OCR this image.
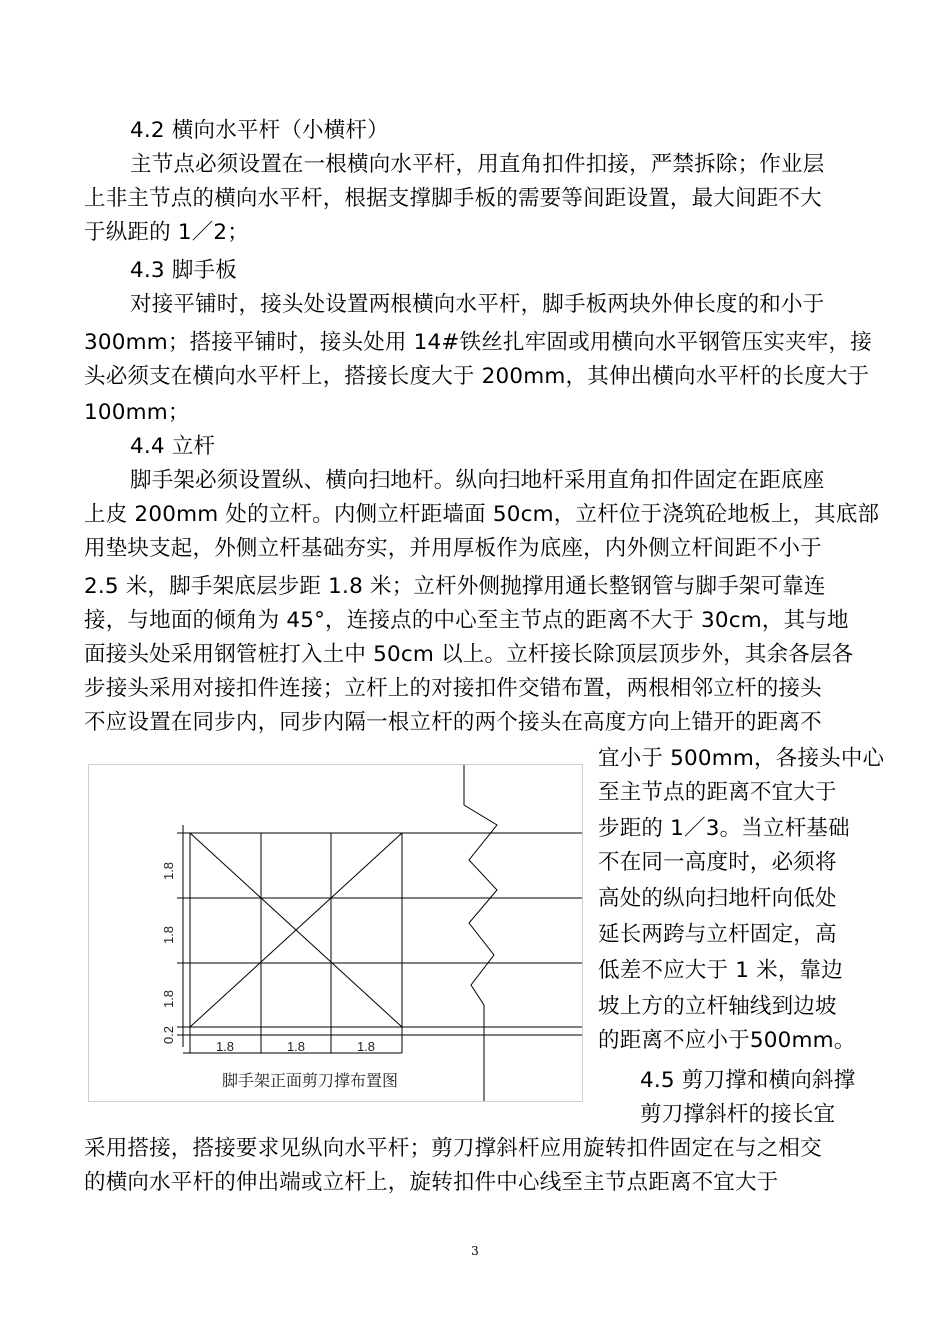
4.2 横向水平杆（小横杆）
主节点必须设置在一根横向水平杆，用直角扣件扣接，严禁拆除；作业层
上非主节点的横向水平杆，根据支撑脚手板的需要等间距设置，最大间距不大
于纵距的 1／2；
4.3 脚手板
对接平铺时，接头处设置两根横向水平杆，脚手板两块外伸长度的和小于
300mm；搭接平铺时，接头处用 14#铁丝扎牢固或用横向水平钢管压实夹牢，接
头必须支在横向水平杆上，搭接长度大于 200mm，其伸出横向水平杆的长度大于
100mm；
4.4 立杆
脚手架必须设置纵、横向扫地杆。纵向扫地杆采用直角扣件固定在距底座
上皮 200mm 处的立杆。内侧立杆距墙面 50cm，立杆位于浇筑砼地板上，其底部
用垫块支起，外侧立杆基础夯实，并用厚板作为底座，内外侧立杆间距不小于
2.5 米，脚手架底层步距 1.8 米；立杆外侧抛撑用通长整钢管与脚手架可靠连
接，与地面的倾角为 45°，连接点的中心至主节点的距离不大于 30cm，其与地
面接头处采用钢管桩打入土中 50cm 以上。立杆接长除顶层顶步外，其余各层各
步接头采用对接扣件连接；立杆上的对接扣件交错布置，两根相邻立杆的接头
不应设置在同步内，同步内隔一根立杆的两个接头在高度方向上错开的距离不
宜小于 500mm，各接头中心
至主节点的距离不宜大于
步距的 1／3。当立杆基础
不在同一高度时，必须将
高处的纵向扫地杆向低处
延长两跨与立杆固定，高
低差不应大于 1 米，靠边
坡上方的立杆轴线到边坡
的距离不应小于500mm。
4.5 剪刀撑和横向斜撑
剪刀撑斜杆的接长宜
采用搭接，搭接要求见纵向水平杆；剪刀撑斜杆应用旋转扣件固定在与之相交
的横向水平杆的伸出端或立杆上，旋转扣件中心线至主节点距离不宜大于
1.8
1.8
1.8
0.2
1.8	1.8	1.8
脚手架正面剪刀撑布置图
3
